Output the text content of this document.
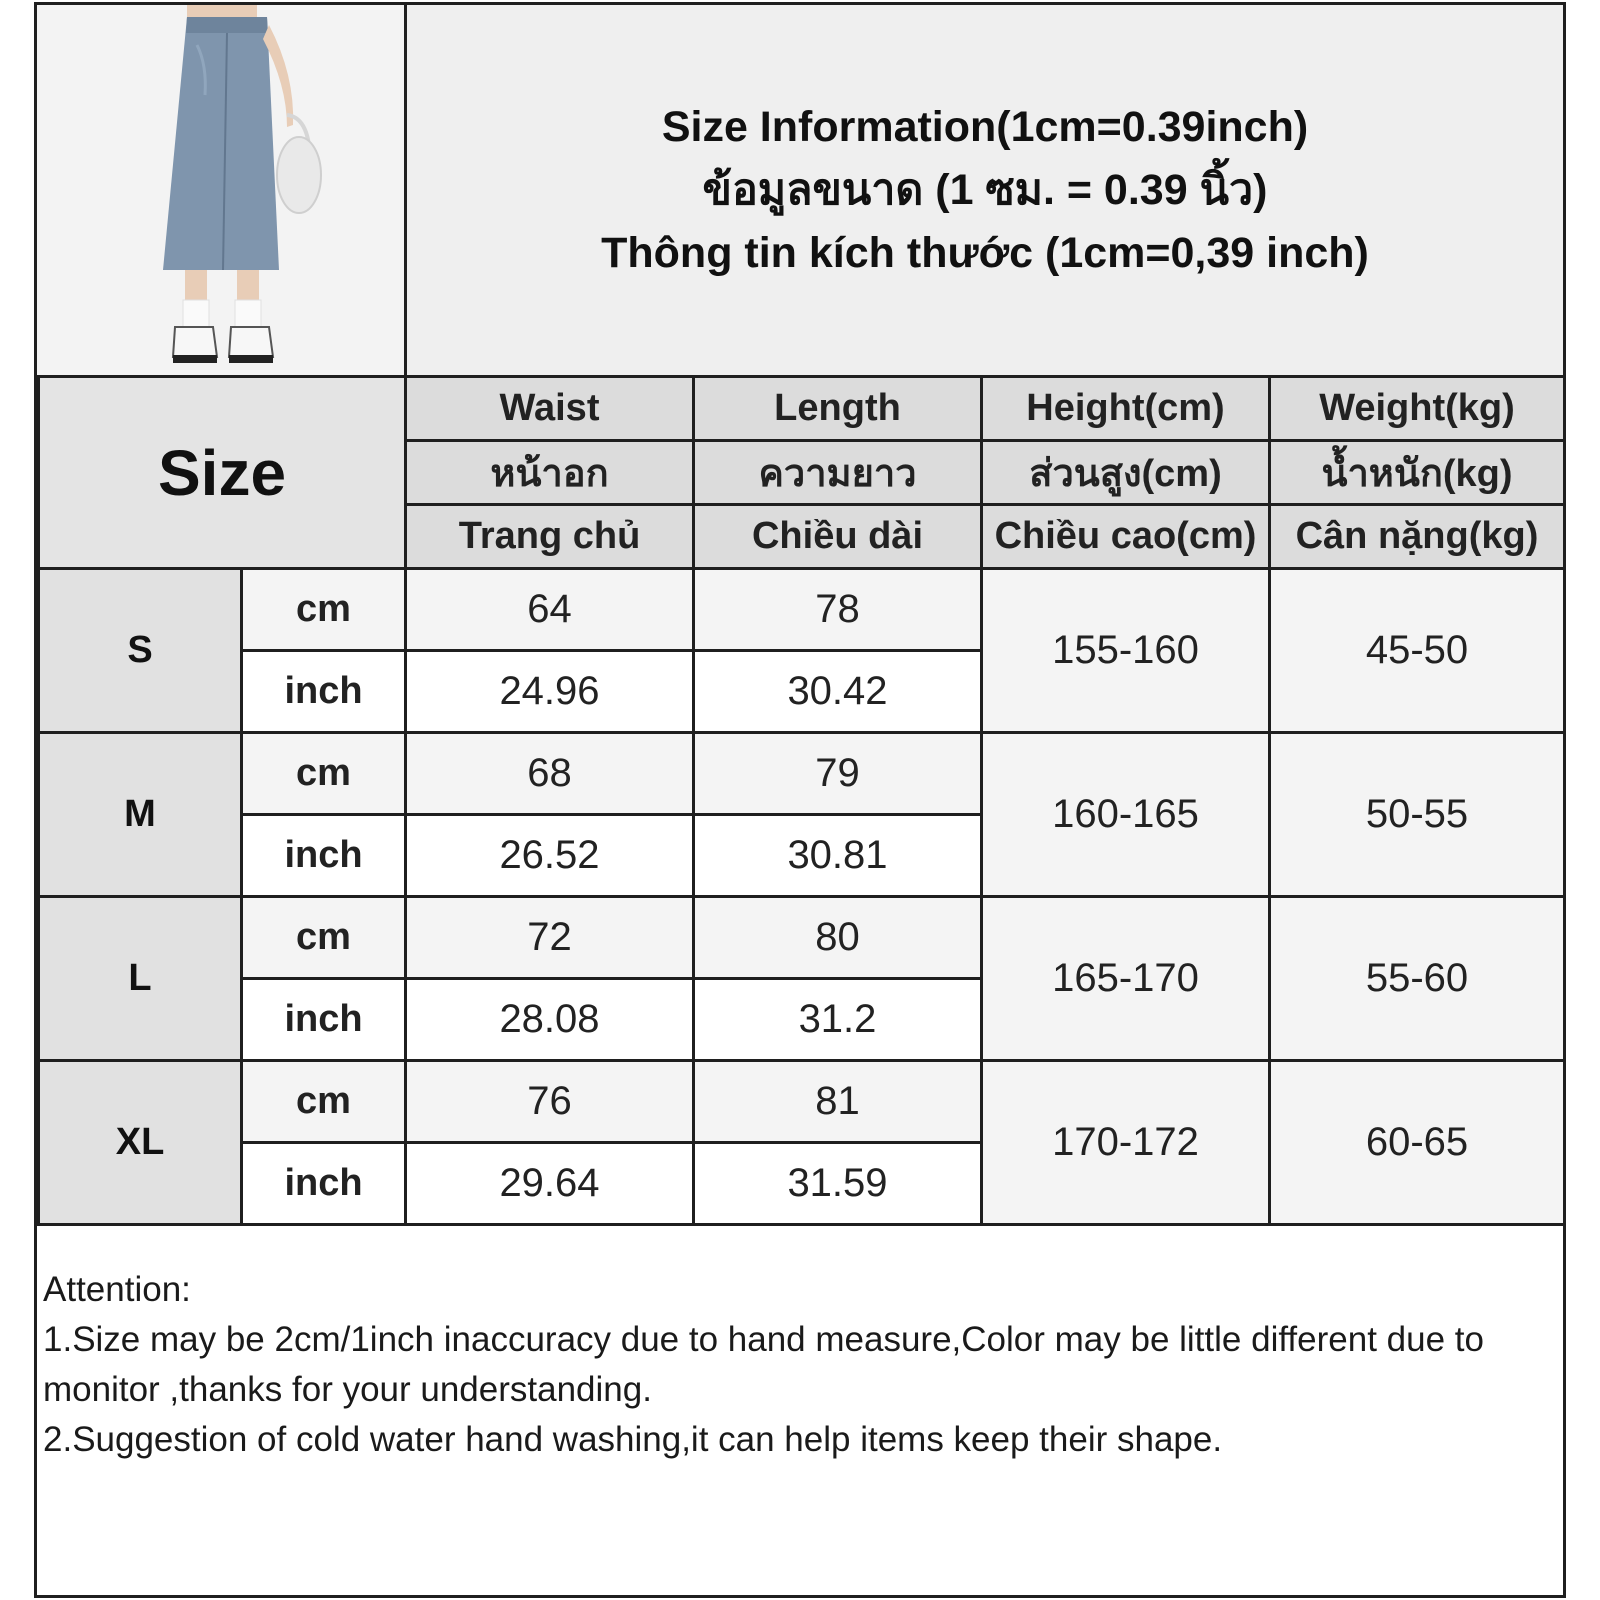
Size Information(1cm=0.39inch)
ข้อมูลขนาด (1 ซม. = 0.39 นิ้ว)
Thông tin kích thước (1cm=0,39 inch)
Size		Waist	Length	Height(cm)	Weight(kg)
		หน้าอก	ความยาว	ส่วนสูง(cm)	น้ำหนัก(kg)
		Trang chủ	Chiều dài	Chiều cao(cm)	Cân nặng(kg)
S	cm	64	78	155-160	45-50
	inch	24.96	30.42		
M	cm	68	79	160-165	50-55
	inch	26.52	30.81		
L	cm	72	80	165-170	55-60
	inch	28.08	31.2		
XL	cm	76	81	170-172	60-65
	inch	29.64	31.59		
Attention:
1.Size may be 2cm/1inch inaccuracy due to hand measure,Color may be little different due to monitor ,thanks for your understanding.
2.Suggestion of cold water hand washing,it can help items keep their shape.
